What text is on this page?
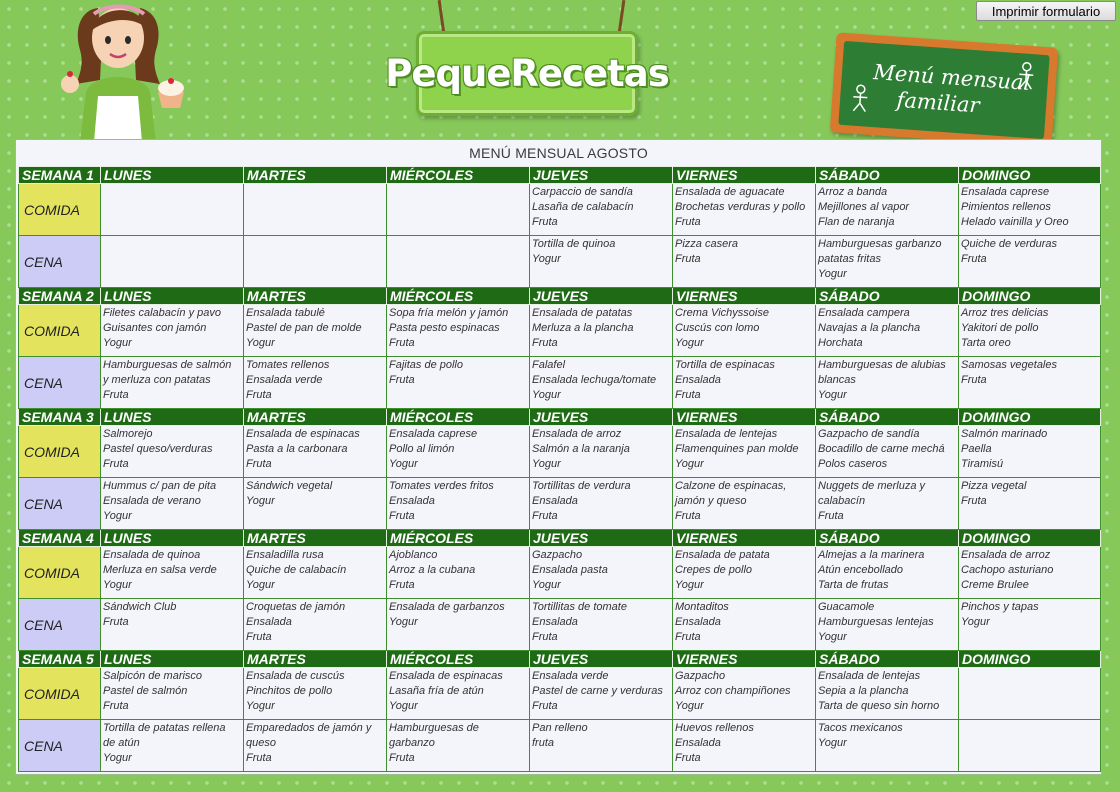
Imprimir formulario
PequeRecetas	Menú mensual
familiar
MENÚ MENSUAL AGOSTO
SEMANA 1	LUNES	MARTES	MIÉRCOLES	JUEVES	VIERNES	SÁBADO	DOMINGO
COMIDA				Carpaccio de sandía
Lasaña de calabacín
Fruta	Ensalada de aguacate
Brochetas verduras y pollo
Fruta	Arroz a banda
Mejillones al vapor
Flan de naranja	Ensalada caprese
Pimientos rellenos
Helado vainilla y Oreo

CENA				Tortilla de quinoa
Yogur	Pizza casera
Fruta	Hamburguesas garbanzo
patatas fritas
Yogur	Quiche de verduras
Fruta

SEMANA 2	LUNES	MARTES	MIÉRCOLES	JUEVES	VIERNES	SÁBADO	DOMINGO
COMIDA	Filetes calabacín y pavo
Guisantes con jamón
Yogur	Ensalada tabulé
Pastel de pan de molde
Yogur	Sopa fría melón y jamón
Pasta pesto espinacas
Fruta	Ensalada de patatas
Merluza a la plancha
Fruta	Crema Vichyssoise
Cuscús con lomo
Yogur	Ensalada campera
Navajas a la plancha
Horchata	Arroz tres delicias
Yakitori de pollo
Tarta oreo

CENA	Hamburguesas de salmón
y merluza con patatas
Fruta	Tomates rellenos
Ensalada verde
Fruta	Fajitas de pollo
Fruta	Falafel
Ensalada lechuga/tomate
Yogur	Tortilla de espinacas
Ensalada
Fruta	Hamburguesas de alubias
blancas
Yogur	Samosas vegetales
Fruta

SEMANA 3	LUNES	MARTES	MIÉRCOLES	JUEVES	VIERNES	SÁBADO	DOMINGO
COMIDA	Salmorejo
Pastel queso/verduras
Fruta	Ensalada de espinacas
Pasta a la carbonara
Fruta	Ensalada caprese
Pollo al limón
Yogur	Ensalada de arroz
Salmón a la naranja
Yogur	Ensalada de lentejas
Flamenquines pan molde
Yogur	Gazpacho de sandía
Bocadillo de carne mechá
Polos caseros	Salmón marinado
Paella
Tiramisú

CENA	Hummus c/ pan de pita
Ensalada de verano
Yogur	Sándwich vegetal
Yogur	Tomates verdes fritos
Ensalada
Fruta	Tortillitas de verdura
Ensalada
Fruta	Calzone de espinacas,
jamón y queso
Fruta	Nuggets de merluza y
calabacín
Fruta	Pizza vegetal
Fruta

SEMANA 4	LUNES	MARTES	MIÉRCOLES	JUEVES	VIERNES	SÁBADO	DOMINGO
COMIDA	Ensalada de quinoa
Merluza en salsa verde
Yogur	Ensaladilla rusa
Quiche de calabacín
Yogur	Ajoblanco
Arroz a la cubana
Fruta	Gazpacho
Ensalada pasta
Yogur	Ensalada de patata
Crepes de pollo
Yogur	Almejas a la marinera
Atún encebollado
Tarta de frutas	Ensalada de arroz
Cachopo asturiano
Creme Brulee

CENA	Sándwich Club
Fruta	Croquetas de jamón
Ensalada
Fruta	Ensalada de garbanzos
Yogur	Tortillitas de tomate
Ensalada
Fruta	Montaditos
Ensalada
Fruta	Guacamole
Hamburguesas lentejas
Yogur	Pinchos y tapas
Yogur

SEMANA 5	LUNES	MARTES	MIÉRCOLES	JUEVES	VIERNES	SÁBADO	DOMINGO
COMIDA	Salpicón de marisco
Pastel de salmón
Fruta	Ensalada de cuscús
Pinchitos de pollo
Yogur	Ensalada de espinacas
Lasaña fría de atún
Yogur	Ensalada verde
Pastel de carne y verduras
Fruta	Gazpacho
Arroz con champiñones
Yogur	Ensalada de lentejas
Sepia a la plancha
Tarta de queso sin horno	

CENA	Tortilla de patatas rellena
de atún
Yogur	Emparedados de jamón y
queso
Fruta	Hamburguesas de
garbanzo
Fruta	Pan relleno
fruta	Huevos rellenos
Ensalada
Fruta	Tacos mexicanos
Yogur	
